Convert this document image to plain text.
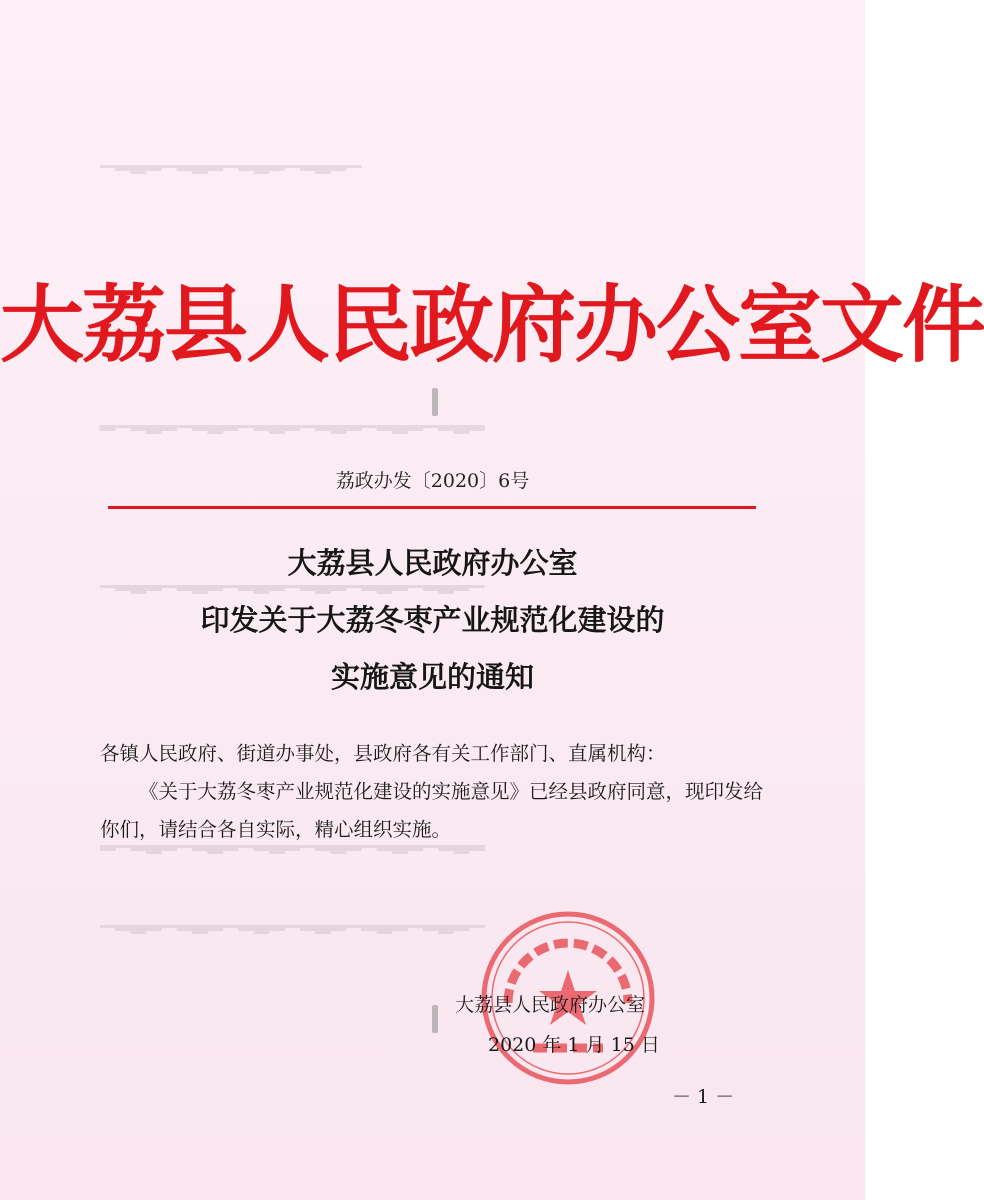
▁▂▃▂▁▂▃▂▁▂▃▂▁▂▃▂▁
▂▁▂▃▂▁▂▃▂▁▂▃▂▁▂▃▂▁▂▃▂▁▂▃▂
▁▂▃▂▁▂▃▂▁▂▃▂▁▂▃▂▁▂▃▂▁▂▃▂▁
▂▁▂▃▂▁▂▃▂▁▂▃▂▁▂▃▂▁▂▃▂▁▂▃▂
▁▂▃▂▁▂▃▂▁▂▃▂▁▂▃▂▁▂▃▂▁▂▃▂▁
大荔县人民政府办公室文件
荔政办发〔2020〕6号
大荔县人民政府办公室
印发关于大荔冬枣产业规范化建设的
实施意见的通知

各镇人民政府、街道办事处，县政府各有关工作部门、直属机构：

《关于大荔冬枣产业规范化建设的实施意见》已经县政府同意，现印发给你们，请结合各自实际，精心组织实施。

大荔县人民政府办公室
2020 年 1 月 15 日
－ 1 －
